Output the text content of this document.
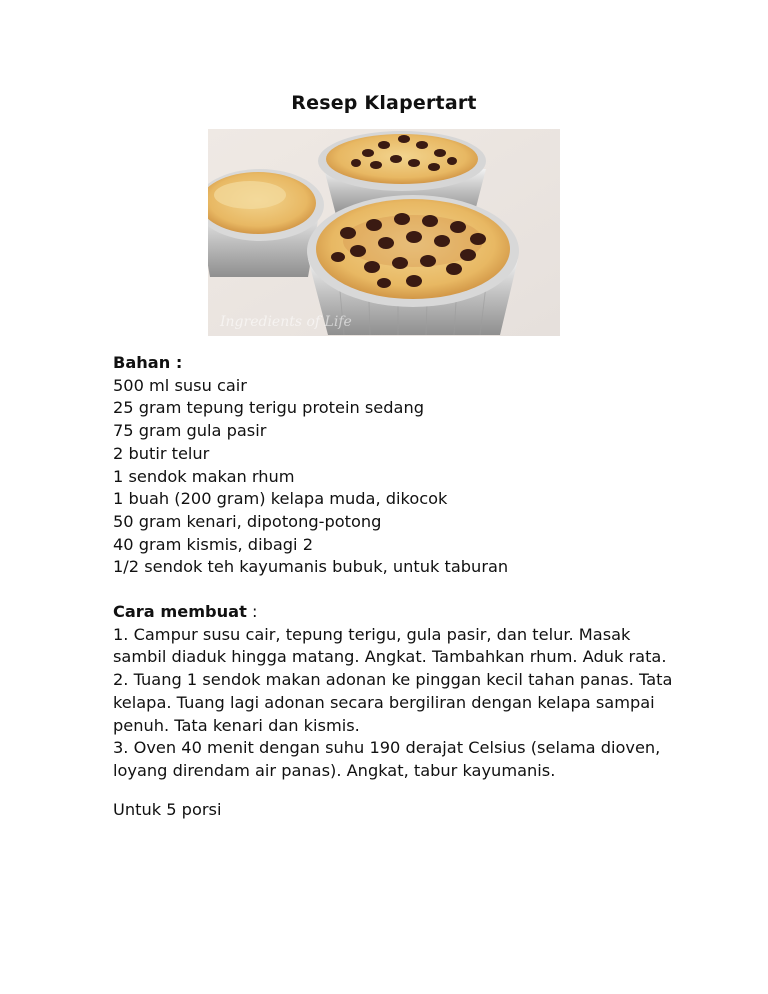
Resep Klapertart
Ingredients of Life
Bahan :
500 ml susu cair
25 gram tepung terigu protein sedang
75 gram gula pasir
2 butir telur
1 sendok makan rhum
1 buah (200 gram) kelapa muda, dikocok
50 gram kenari, dipotong-potong
40 gram kismis, dibagi 2
1/2 sendok teh kayumanis bubuk, untuk taburan
Cara membuat :
1. Campur susu cair, tepung terigu, gula pasir, dan telur. Masak sambil diaduk hingga matang. Angkat. Tambahkan rhum. Aduk rata.
2. Tuang 1 sendok makan adonan ke pinggan kecil tahan panas. Tata kelapa. Tuang lagi adonan secara bergiliran dengan kelapa sampai penuh. Tata kenari dan kismis.
3. Oven 40 menit dengan suhu 190 derajat Celsius (selama dioven, loyang direndam air panas). Angkat, tabur kayumanis.
Untuk 5 porsi
